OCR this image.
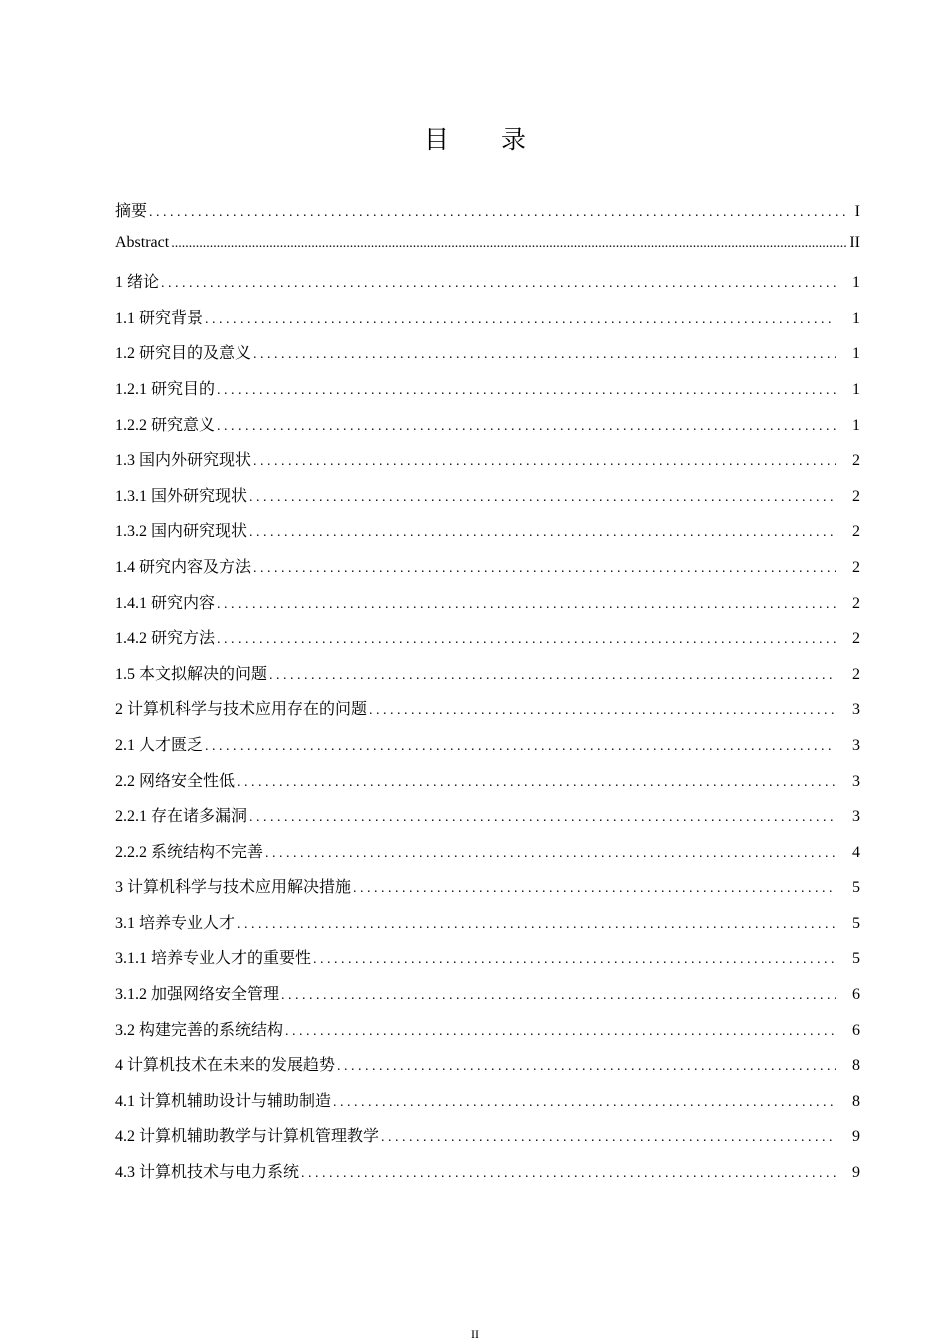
目 录
摘要 . . .	I
Abstract .....	II
1 绪论 . . .	1
1.1 研究背景 . . .	1
1.2 研究目的及意义 . . .	1
1.2.1 研究目的 . . .	1
1.2.2 研究意义 . . .	1
1.3 国内外研究现状 . . .	2
1.3.1 国外研究现状 . . .	2
1.3.2 国内研究现状 . . .	2
1.4 研究内容及方法 . . .	2
1.4.1 研究内容 . . .	2
1.4.2 研究方法 . . .	2
1.5 本文拟解决的问题 . . .	2
2 计算机科学与技术应用存在的问题 . . .	3
2.1 人才匮乏 . . .	3
2.2 网络安全性低 . . .	3
2.2.1 存在诸多漏洞 . . .	3
2.2.2 系统结构不完善 . . .	4
3 计算机科学与技术应用解决措施 . . .	5
3.1 培养专业人才 . . .	5
3.1.1 培养专业人才的重要性 . . .	5
3.1.2 加强网络安全管理 . . .	6
3.2 构建完善的系统结构 . . .	6
4 计算机技术在未来的发展趋势 . . .	8
4.1 计算机辅助设计与辅助制造 . . .	8
4.2 计算机辅助教学与计算机管理教学 . . .	9
4.3 计算机技术与电力系统 . . .	9
II
